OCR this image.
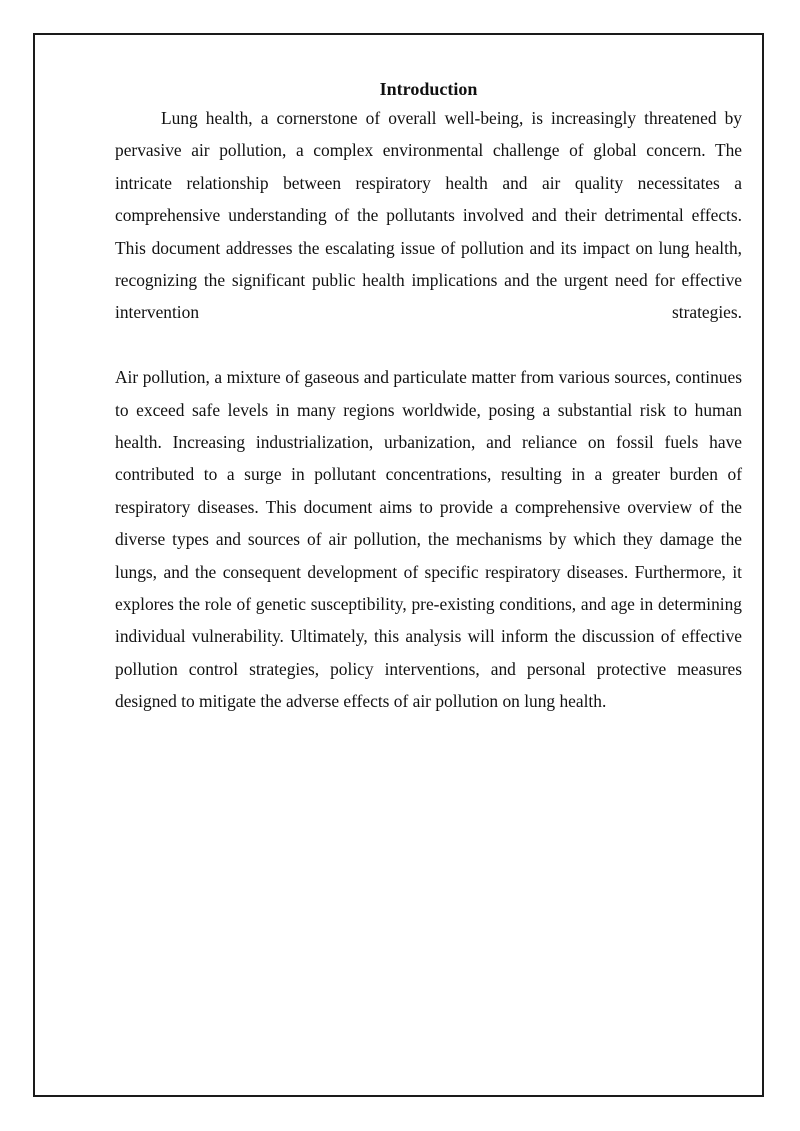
Introduction

Lung health, a cornerstone of overall well-being, is increasingly threatened by pervasive air pollution, a complex environmental challenge of global concern. The intricate relationship between respiratory health and air quality necessitates a comprehensive understanding of the pollutants involved and their detrimental effects. This document addresses the escalating issue of pollution and its impact on lung health, recognizing the significant public health implications and the urgent need for effective intervention strategies.

Air pollution, a mixture of gaseous and particulate matter from various sources, continues to exceed safe levels in many regions worldwide, posing a substantial risk to human health. Increasing industrialization, urbanization, and reliance on fossil fuels have contributed to a surge in pollutant concentrations, resulting in a greater burden of respiratory diseases. This document aims to provide a comprehensive overview of the diverse types and sources of air pollution, the mechanisms by which they damage the lungs, and the consequent development of specific respiratory diseases. Furthermore, it explores the role of genetic susceptibility, pre-existing conditions, and age in determining individual vulnerability. Ultimately, this analysis will inform the discussion of effective pollution control strategies, policy interventions, and personal protective measures designed to mitigate the adverse effects of air pollution on lung health.
